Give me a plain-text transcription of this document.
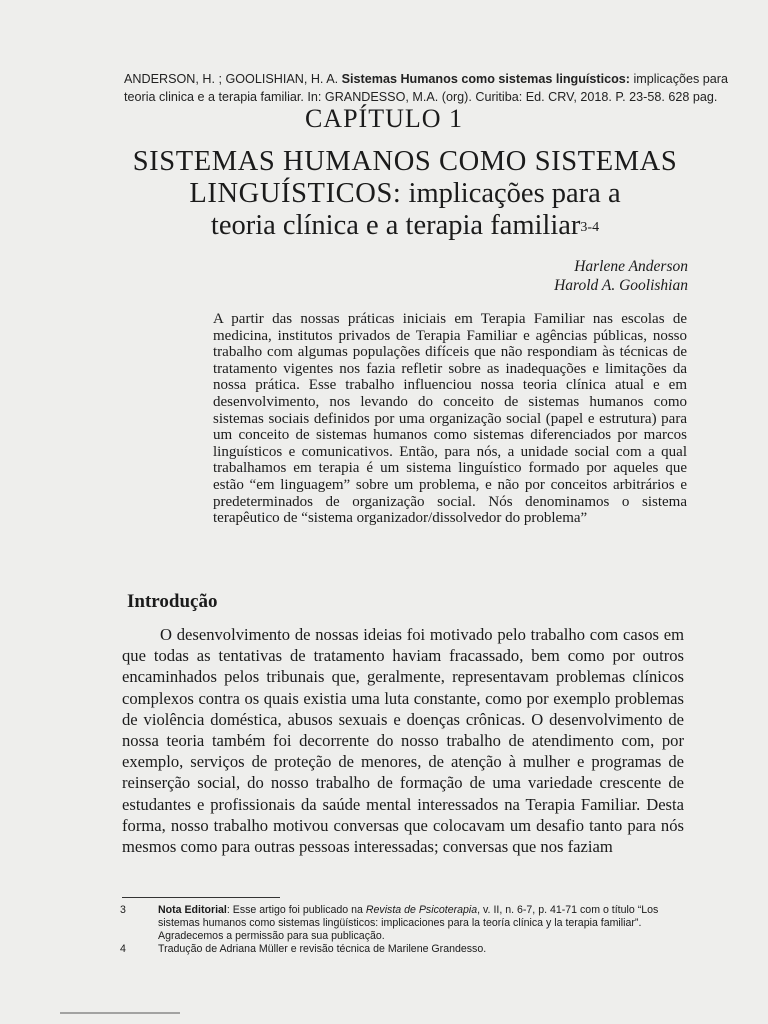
ANDERSON, H. ; GOOLISHIAN, H. A. Sistemas Humanos como sistemas linguísticos: implicações para teoria clinica e a terapia familiar. In: GRANDESSO, M.A. (org). Curitiba: Ed. CRV, 2018. P. 23-58. 628 pag.
CAPÍTULO 1
SISTEMAS HUMANOS COMO SISTEMAS
LINGUÍSTICOS: implicações para a
teoria clínica e a terapia familiar$^{3-4}$
Harlene Anderson
Harold A. Goolishian

A partir das nossas práticas iniciais em Terapia Familiar nas escolas de medicina, institutos privados de Terapia Familiar e agências públicas, nosso trabalho com algumas populações difíceis que não respondiam às técnicas de tratamento vigentes nos fazia refletir sobre as inadequações e limitações da nossa prática. Esse trabalho influenciou nossa teoria clínica atual e em desenvolvimento, nos levando do conceito de sistemas humanos como sistemas sociais definidos por uma organização social (papel e estrutura) para um conceito de sistemas humanos como sistemas diferenciados por marcos linguísticos e comunicativos. Então, para nós, a unidade social com a qual trabalhamos em terapia é um sistema linguístico formado por aqueles que estão “em linguagem” sobre um problema, e não por conceitos arbitrários e predeterminados de organização social. Nós denominamos o sistema terapêutico de “sistema organizador/dissolvedor do problema”

Introdução

O desenvolvimento de nossas ideias foi motivado pelo trabalho com casos em que todas as tentativas de tratamento haviam fracassado, bem como por outros encaminhados pelos tribunais que, geralmente, representavam problemas clínicos complexos contra os quais existia uma luta constante, como por exemplo problemas de violência doméstica, abusos sexuais e doenças crônicas. O desenvolvimento de nossa teoria também foi decorrente do nosso trabalho de atendimento com, por exemplo, serviços de proteção de menores, de atenção à mulher e programas de reinserção social, do nosso trabalho de formação de uma variedade crescente de estudantes e profissionais da saúde mental interessados na Terapia Familiar. Desta forma, nosso trabalho motivou conversas que colocavam um desafio tanto para nós mesmos como para outras pessoas interessadas; conversas que nos faziam

3	Nota Editorial: Esse artigo foi publicado na Revista de Psicoterapia, v. II, n. 6-7, p. 41-71 com o título “Los sistemas humanos como sistemas lingüísticos: implicaciones para la teoría clínica y la terapia familiar”. Agradecemos a permissão para sua publicação.
4	Tradução de Adriana Müller e revisão técnica de Marilene Grandesso.
